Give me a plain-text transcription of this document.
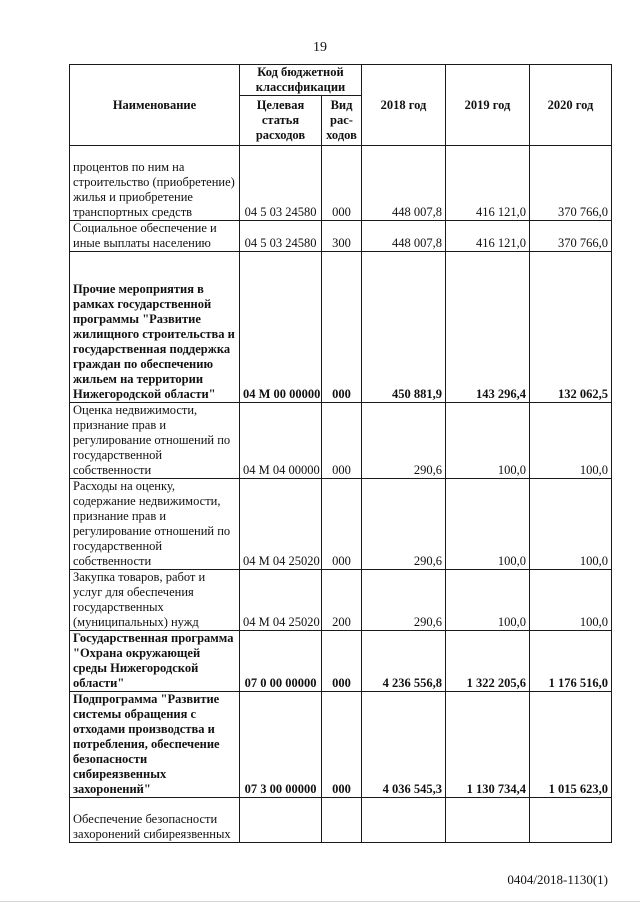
19
Наименование	Код бюджетной классификации		2018 год	2019 год	2020 год
	Целевая статья расходов	Вид рас- ходов			
процентов по ним на строительство (приобретение) жилья и приобретение транспортных средств	04 5 03 24580	000	448 007,8	416 121,0	370 766,0
Социальное обеспечение и иные выплаты населению	04 5 03 24580	300	448 007,8	416 121,0	370 766,0
Прочие мероприятия в рамках государственной программы "Развитие жилищного строительства и государственная поддержка граждан по обеспечению жильем на территории Нижегородской области"	04 М 00 00000	000	450 881,9	143 296,4	132 062,5
Оценка недвижимости, признание прав и регулирование отношений по государственной собственности	04 М 04 00000	000	290,6	100,0	100,0
Расходы на оценку, содержание недвижимости, признание прав и регулирование отношений по государственной собственности	04 М 04 25020	000	290,6	100,0	100,0
Закупка товаров, работ и услуг для обеспечения государственных (муниципальных) нужд	04 М 04 25020	200	290,6	100,0	100,0
Государственная программа "Охрана окружающей среды Нижегородской области"	07 0 00 00000	000	4 236 556,8	1 322 205,6	1 176 516,0
Подпрограмма "Развитие системы обращения с отходами производства и потребления, обеспечение безопасности сибиреязвенных захоронений"	07 3 00 00000	000	4 036 545,3	1 130 734,4	1 015 623,0
Обеспечение безопасности захоронений сибиреязвенных					
0404/2018-1130(1)
